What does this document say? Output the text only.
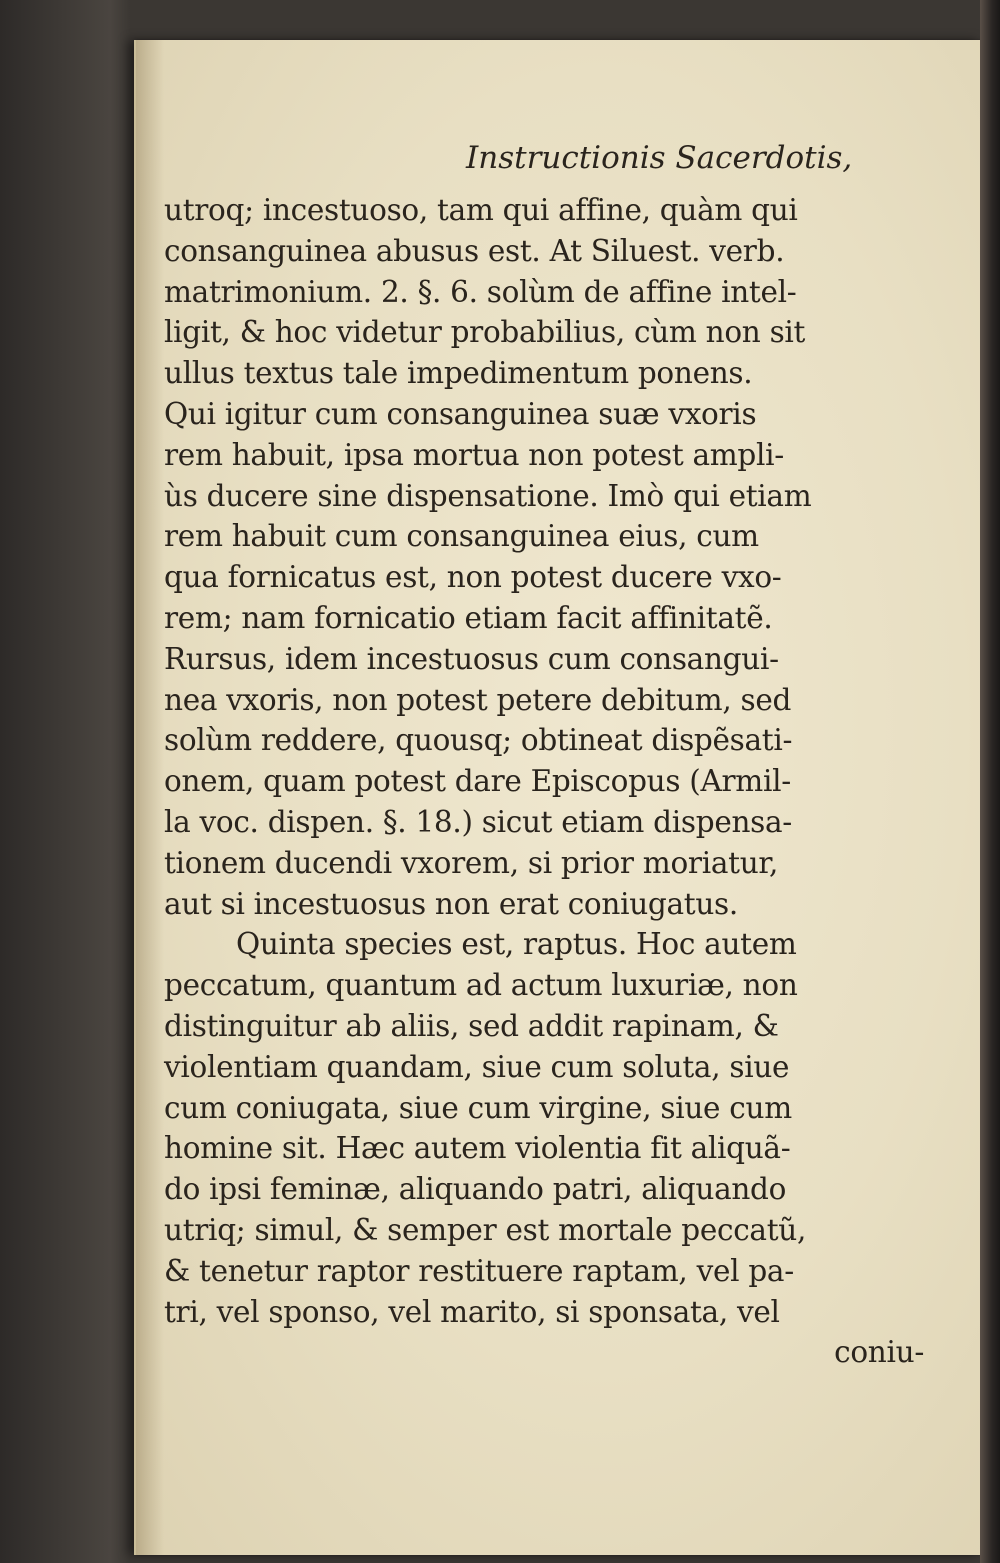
Instructionis Sacerdotis,
utroq; incestuoso, tam qui affine, quàm qui
consanguinea abusus est. At Siluest. verb.
matrimonium. 2. §. 6. solùm de affine intel-
ligit, & hoc videtur probabilius, cùm non sit
ullus textus tale impedimentum ponens.
Qui igitur cum consanguinea suæ vxoris
rem habuit, ipsa mortua non potest ampli-
ùs ducere sine dispensatione. Imò qui etiam
rem habuit cum consanguinea eius, cum
qua fornicatus est, non potest ducere vxo-
rem; nam fornicatio etiam facit affinitatẽ.
Rursus, idem incestuosus cum consangui-
nea vxoris, non potest petere debitum, sed
solùm reddere, quousq; obtineat dispẽsati-
onem, quam potest dare Episcopus (Armil-
la voc. dispen. §. 18.) sicut etiam dispensa-
tionem ducendi vxorem, si prior moriatur,
aut si incestuosus non erat coniugatus.
Quinta species est, raptus. Hoc autem
peccatum, quantum ad actum luxuriæ, non
distinguitur ab aliis, sed addit rapinam, &
violentiam quandam, siue cum soluta, siue
cum coniugata, siue cum virgine, siue cum
homine sit. Hæc autem violentia fit aliquã-
do ipsi feminæ, aliquando patri, aliquando
utriq; simul, & semper est mortale peccatũ,
& tenetur raptor restituere raptam, vel pa-
tri, vel sponso, vel marito, si sponsata, vel
coniu-
